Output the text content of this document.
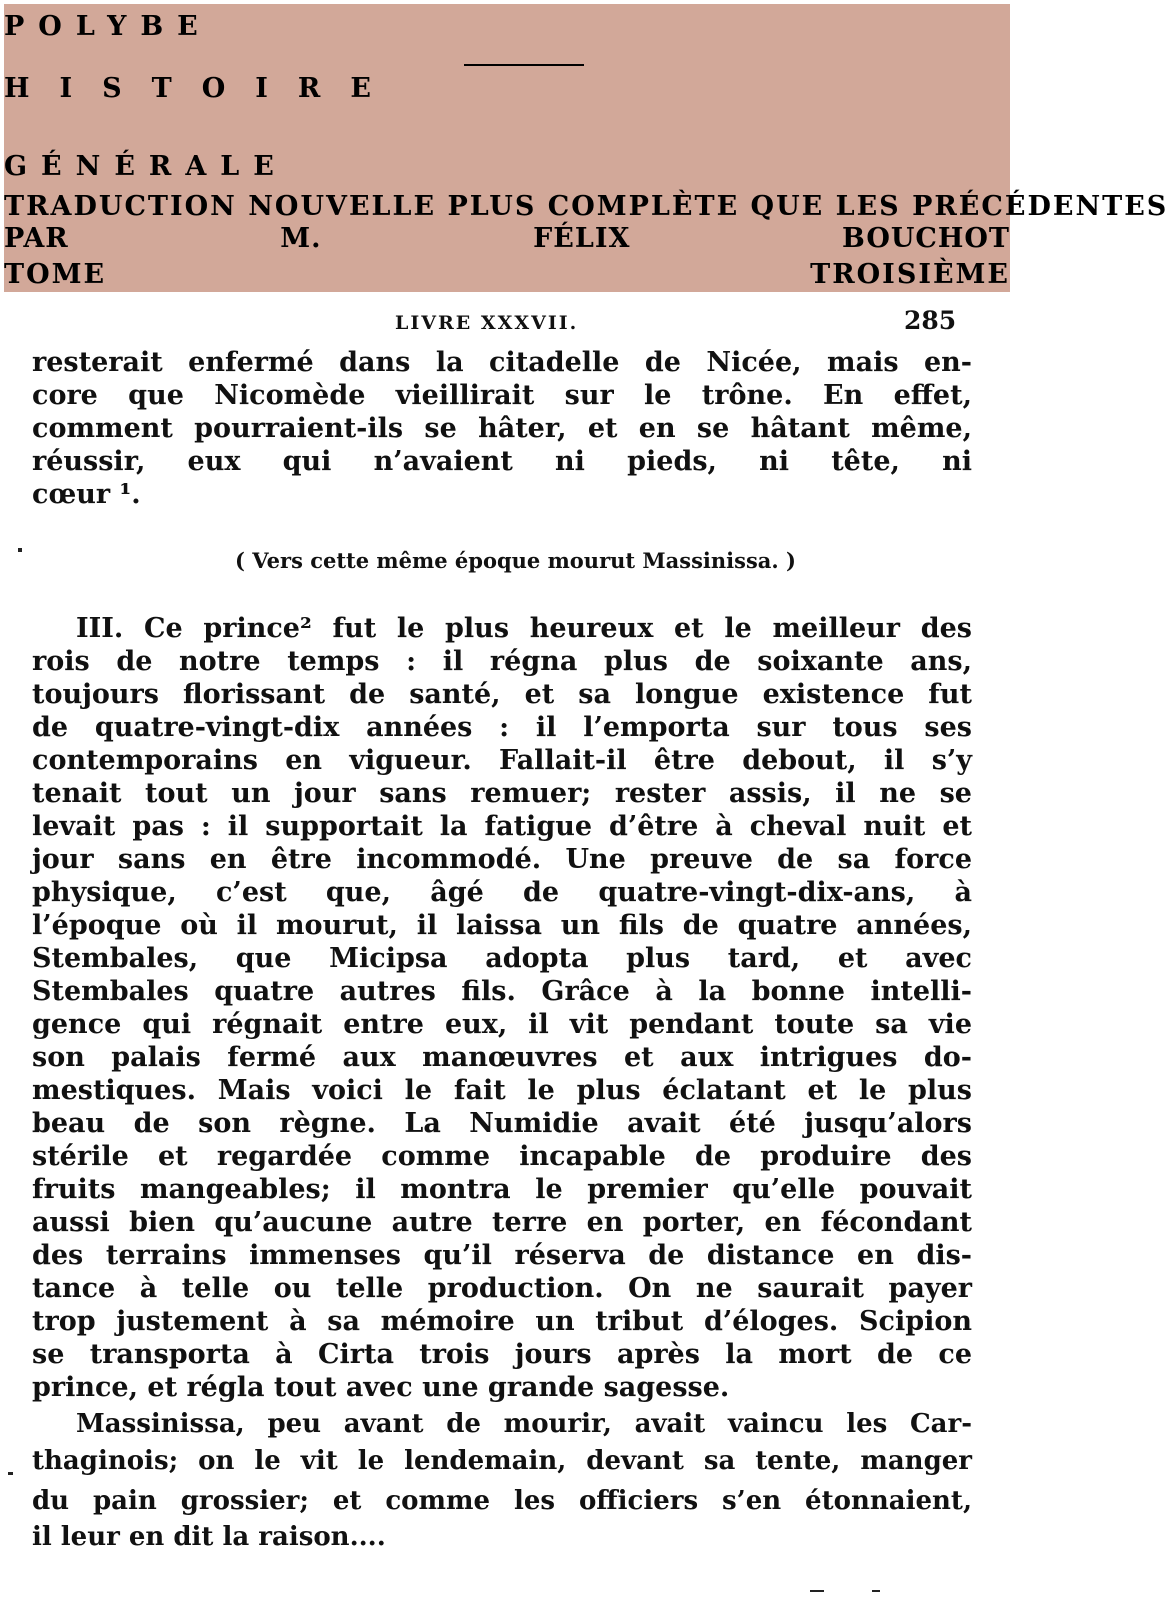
POLYBE
HISTOIRE
GÉNÉRALE
TRADUCTION NOUVELLE PLUS COMPLÈTE QUE LES PRÉCÉDENTES
PAR M. FÉLIX BOUCHOT
TOME TROISIÈME
LIVRE XXXVII.	285
resterait enfermé dans la citadelle de Nicée, mais en-
core que Nicomède vieillirait sur le trône. En effet,
comment pourraient-ils se hâter, et en se hâtant même,
réussir, eux qui n’avaient ni pieds, ni tête, ni
cœur ¹.
( Vers cette même époque mourut Massinissa. )
III. Ce prince² fut le plus heureux et le meilleur des
rois de notre temps : il régna plus de soixante ans,
toujours florissant de santé, et sa longue existence fut
de quatre-vingt-dix années : il l’emporta sur tous ses
contemporains en vigueur. Fallait-il être debout, il s’y
tenait tout un jour sans remuer; rester assis, il ne se
levait pas : il supportait la fatigue d’être à cheval nuit et
jour sans en être incommodé. Une preuve de sa force
physique, c’est que, âgé de quatre-vingt-dix-ans, à
l’époque où il mourut, il laissa un fils de quatre années,
Stembales, que Micipsa adopta plus tard, et avec
Stembales quatre autres fils. Grâce à la bonne intelli-
gence qui régnait entre eux, il vit pendant toute sa vie
son palais fermé aux manœuvres et aux intrigues do-
mestiques. Mais voici le fait le plus éclatant et le plus
beau de son règne. La Numidie avait été jusqu’alors
stérile et regardée comme incapable de produire des
fruits mangeables; il montra le premier qu’elle pouvait
aussi bien qu’aucune autre terre en porter, en fécondant
des terrains immenses qu’il réserva de distance en dis-
tance à telle ou telle production. On ne saurait payer
trop justement à sa mémoire un tribut d’éloges. Scipion
se transporta à Cirta trois jours après la mort de ce
prince, et régla tout avec une grande sagesse.
Massinissa, peu avant de mourir, avait vaincu les Car-
thaginois; on le vit le lendemain, devant sa tente, manger
du pain grossier; et comme les officiers s’en étonnaient,
il leur en dit la raison....
